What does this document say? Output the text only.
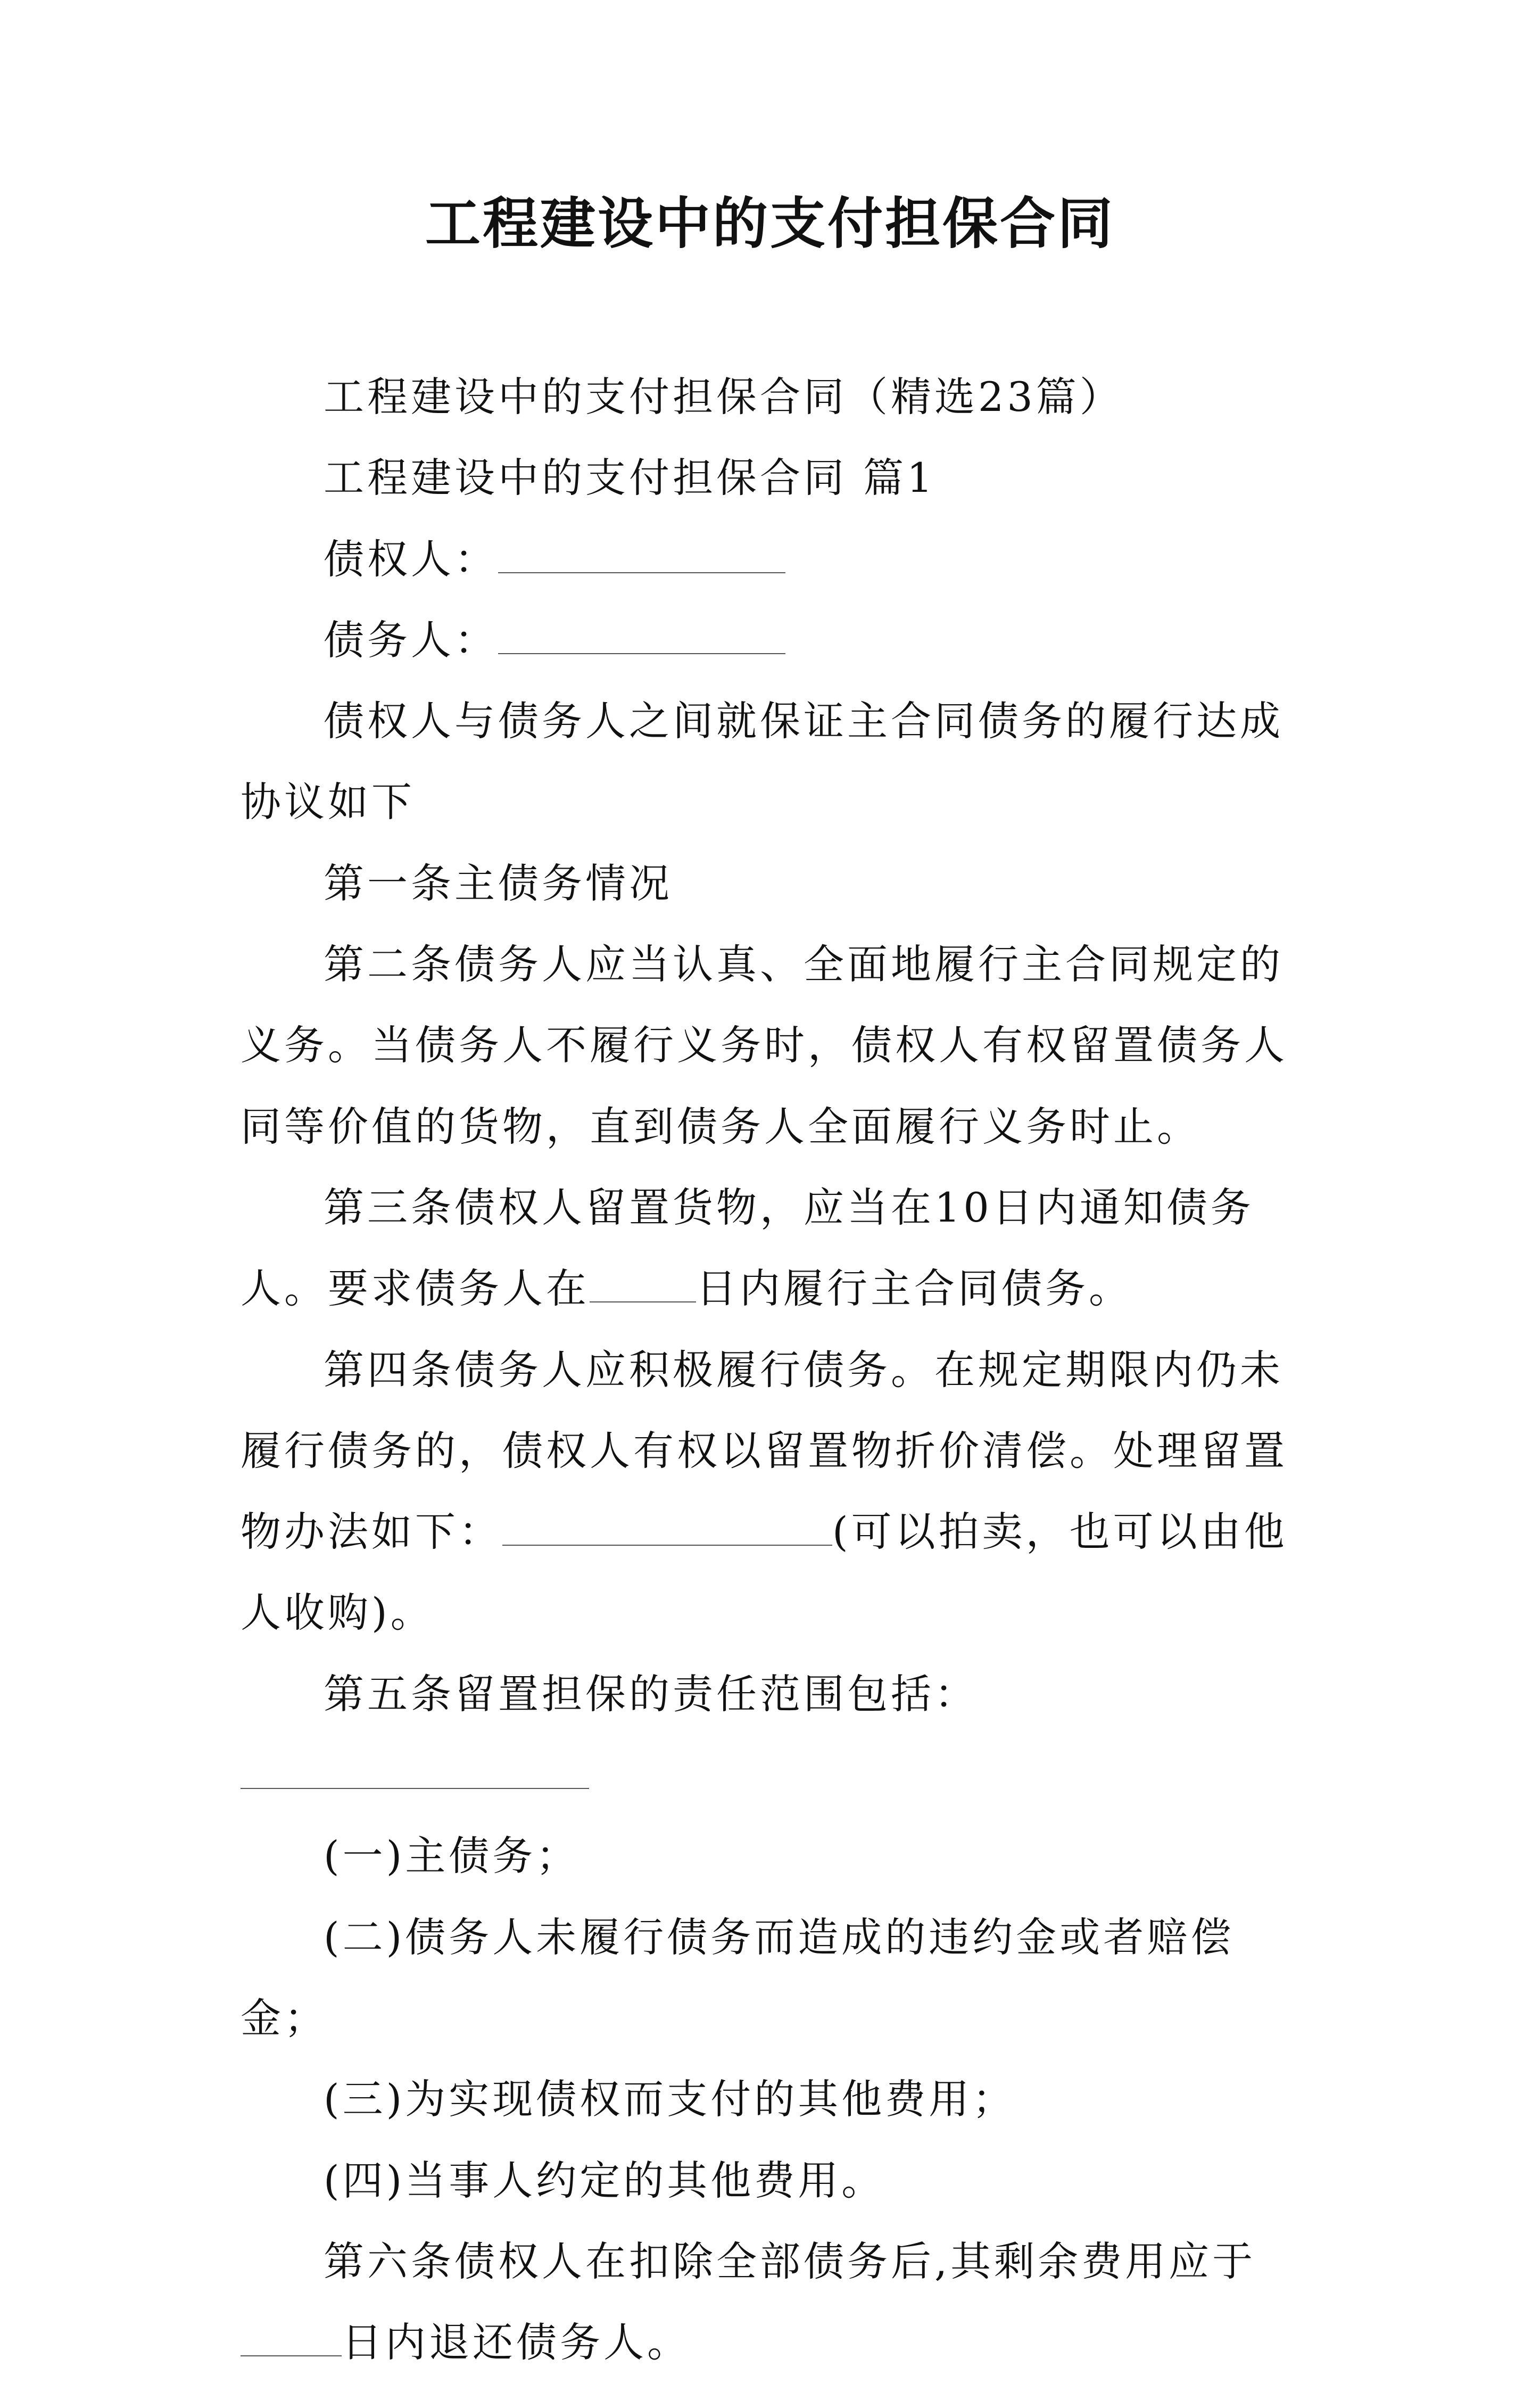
工程建设中的支付担保合同

工程建设中的支付担保合同（精选23篇）

工程建设中的支付担保合同 篇1

债权人：

债务人：

债权人与债务人之间就保证主合同债务的履行达成协议如下

第一条主债务情况

第二条债务人应当认真、全面地履行主合同规定的义务。当债务人不履行义务时，债权人有权留置债务人同等价值的货物，直到债务人全面履行义务时止。

第三条债权人留置货物，应当在10日内通知债务人。要求债务人在	日内履行主合同债务。

第四条债务人应积极履行债务。在规定期限内仍未履行债务的，债权人有权以留置物折价清偿。处理留置物办法如下：	(可以拍卖，也可以由他人收购)。

第五条留置担保的责任范围包括：

(一)主债务；

(二)债务人未履行债务而造成的违约金或者赔偿金；

(三)为实现债权而支付的其他费用；

(四)当事人约定的其他费用。

第六条债权人在扣除全部债务后,其剩余费用应于日内退还债务人。
